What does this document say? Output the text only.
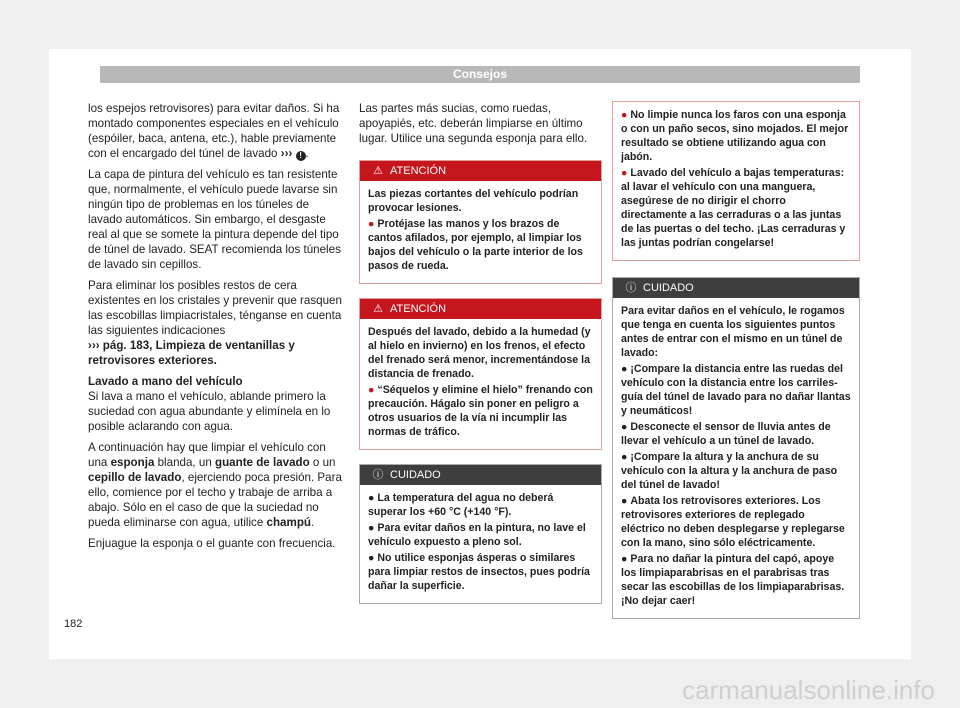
Consejos

los espejos retrovisores) para evitar daños. Si ha montado componentes especiales en el vehículo (espóiler, baca, antena, etc.), hable previamente con el encargado del túnel de lavado ››› ! .

La capa de pintura del vehículo es tan resistente que, normalmente, el vehículo puede lavarse sin ningún tipo de problemas en los túneles de lavado automáticos. Sin embargo, el desgaste real al que se somete la pintura depende del tipo de túnel de lavado. SEAT recomienda los túneles de lavado sin cepillos.

Para eliminar los posibles restos de cera existentes en los cristales y prevenir que rasquen las escobillas limpiacristales, ténganse en cuenta las siguientes indicaciones
››› pág. 183, Limpieza de ventanillas y retrovisores exteriores.

Lavado a mano del vehículo

Si lava a mano el vehículo, ablande primero la suciedad con agua abundante y elimínela en lo posible aclarando con agua.

A continuación hay que limpiar el vehículo con una esponja blanda, un guante de lavado o un cepillo de lavado, ejerciendo poca presión. Para ello, comience por el techo y trabaje de arriba a abajo. Sólo en el caso de que la suciedad no pueda eliminarse con agua, utilice champú.

Enjuague la esponja o el guante con frecuencia.

Las partes más sucias, como ruedas, apoyapiés, etc. deberán limpiarse en último lugar. Utilice una segunda esponja para ello.

⚠ ATENCIÓN

Las piezas cortantes del vehículo podrían provocar lesiones.

● Protéjase las manos y los brazos de cantos afilados, por ejemplo, al limpiar los bajos del vehículo o la parte interior de los pasos de rueda.

⚠ ATENCIÓN

Después del lavado, debido a la humedad (y al hielo en invierno) en los frenos, el efecto del frenado será menor, incrementándose la distancia de frenado.

● “Séquelos y elimine el hielo” frenando con precaución. Hágalo sin poner en peligro a otros usuarios de la vía ni incumplir las normas de tráfico.

ⓘ CUIDADO

● La temperatura del agua no deberá superar los +60 °C (+140 °F).

● Para evitar daños en la pintura, no lave el vehículo expuesto a pleno sol.

● No utilice esponjas ásperas o similares para limpiar restos de insectos, pues podría dañar la superficie.

● No limpie nunca los faros con una esponja o con un paño secos, sino mojados. El mejor resultado se obtiene utilizando agua con jabón.

● Lavado del vehículo a bajas temperaturas: al lavar el vehículo con una manguera, asegúrese de no dirigir el chorro directamente a las cerraduras o a las juntas de las puertas o del techo. ¡Las cerraduras y las juntas podrían congelarse!

ⓘ CUIDADO

Para evitar daños en el vehículo, le rogamos que tenga en cuenta los siguientes puntos antes de entrar con el mismo en un túnel de lavado:

● ¡Compare la distancia entre las ruedas del vehículo con la distancia entre los carriles-guía del túnel de lavado para no dañar llantas y neumáticos!

● Desconecte el sensor de lluvia antes de llevar el vehículo a un túnel de lavado.

● ¡Compare la altura y la anchura de su vehículo con la altura y la anchura de paso del túnel de lavado!

● Abata los retrovisores exteriores. Los retrovisores exteriores de replegado eléctrico no deben desplegarse y replegarse con la mano, sino sólo eléctricamente.

● Para no dañar la pintura del capó, apoye los limpiaparabrisas en el parabrisas tras secar las escobillas de los limpiaparabrisas. ¡No dejar caer!

182
carmanualsonline.info
